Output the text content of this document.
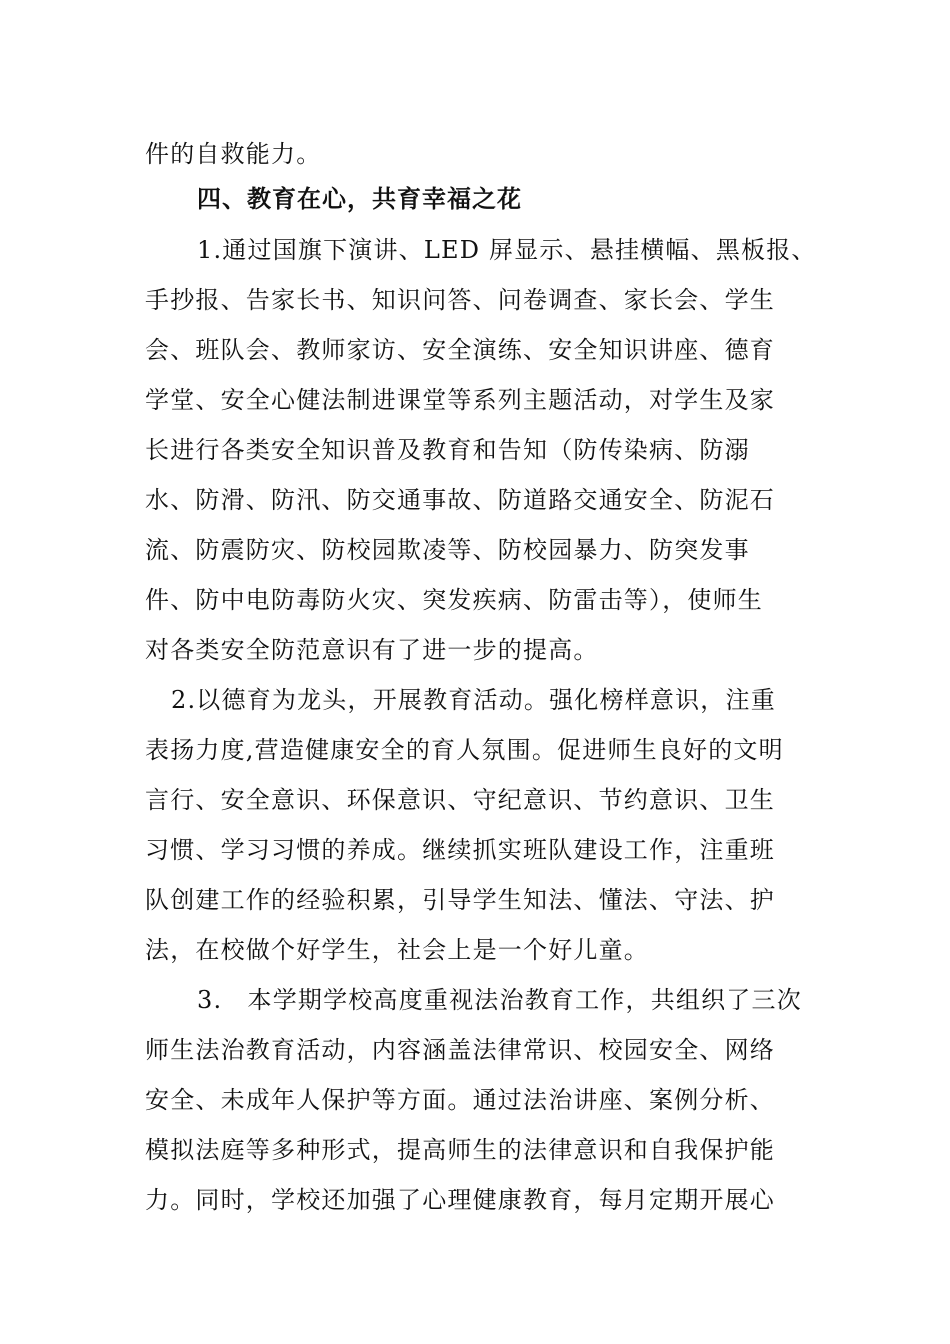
件的自救能力。
四、教育在心，共育幸福之花
1.通过国旗下演讲、LED 屏显示、悬挂横幅、黑板报、
手抄报、告家长书、知识问答、问卷调查、家长会、学生
会、班队会、教师家访、安全演练、安全知识讲座、德育
学堂、安全心健法制进课堂等系列主题活动，对学生及家
长进行各类安全知识普及教育和告知（防传染病、防溺
水、防滑、防汛、防交通事故、防道路交通安全、防泥石
流、防震防灾、防校园欺凌等、防校园暴力、防突发事
件、防中电防毒防火灾、突发疾病、防雷击等），使师生
对各类安全防范意识有了进一步的提高。
2.以德育为龙头，开展教育活动。强化榜样意识，注重
表扬力度,营造健康安全的育人氛围。促进师生良好的文明
言行、安全意识、环保意识、守纪意识、节约意识、卫生
习惯、学习习惯的养成。继续抓实班队建设工作，注重班
队创建工作的经验积累，引导学生知法、懂法、守法、护
法，在校做个好学生，社会上是一个好儿童。
3.　本学期学校高度重视法治教育工作，共组织了三次
师生法治教育活动，内容涵盖法律常识、校园安全、网络
安全、未成年人保护等方面。通过法治讲座、案例分析、
模拟法庭等多种形式，提高师生的法律意识和自我保护能
力。同时，学校还加强了心理健康教育，每月定期开展心
